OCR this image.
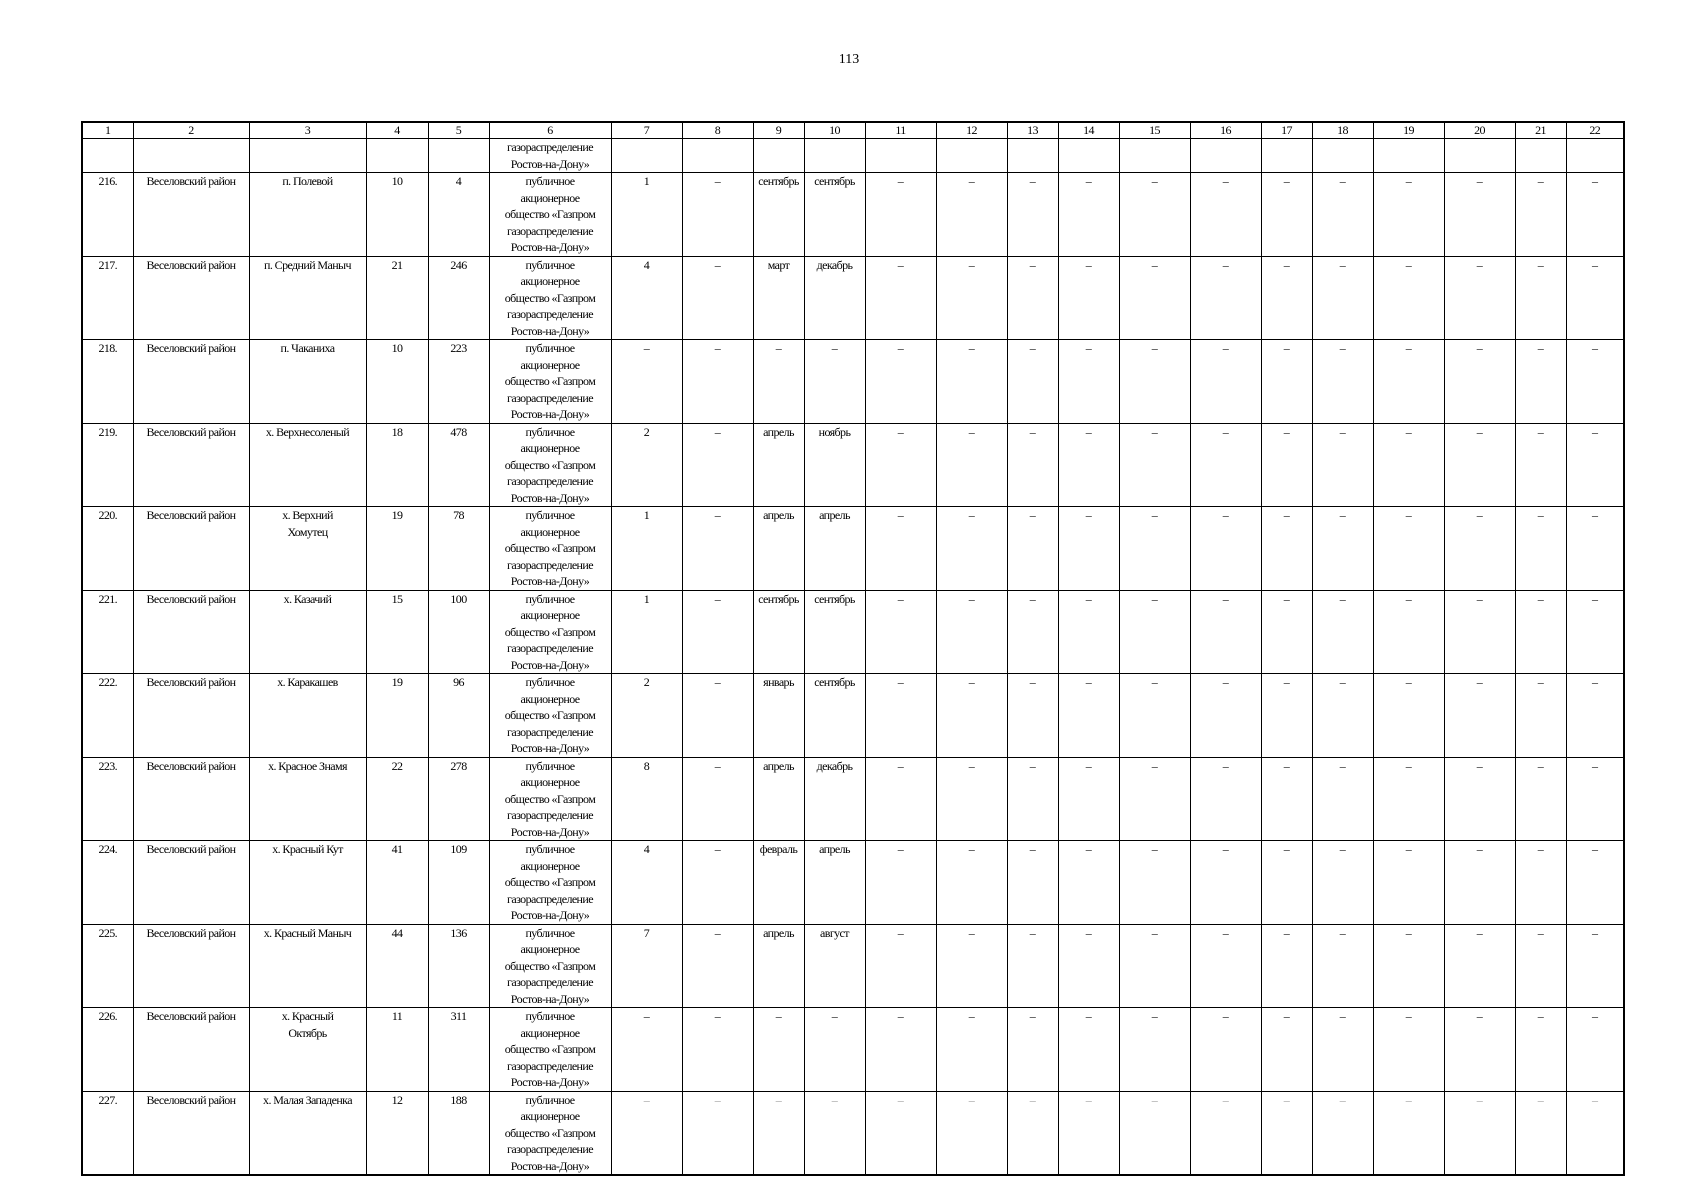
113
1	2	3	4	5	6	7	8	9	10	11	12	13	14	15	16	17	18	19	20	21	22
					газораспределение
Ростов-на-Дону»																
216.	Веселовский район	п. Полевой	10	4	публичное
акционерное
общество «Газпром
газораспределение
Ростов-на-Дону»	1	–	сентябрь	сентябрь	–	–	–	–	–	–	–	–	–	–	–	–
217.	Веселовский район	п. Средний Маныч	21	246	публичное
акционерное
общество «Газпром
газораспределение
Ростов-на-Дону»	4	–	март	декабрь	–	–	–	–	–	–	–	–	–	–	–	–
218.	Веселовский район	п. Чаканиха	10	223	публичное
акционерное
общество «Газпром
газораспределение
Ростов-на-Дону»	–	–	–	–	–	–	–	–	–	–	–	–	–	–	–	–
219.	Веселовский район	х. Верхнесоленый	18	478	публичное
акционерное
общество «Газпром
газораспределение
Ростов-на-Дону»	2	–	апрель	ноябрь	–	–	–	–	–	–	–	–	–	–	–	–
220.	Веселовский район	х. Верхний
Хомутец	19	78	публичное
акционерное
общество «Газпром
газораспределение
Ростов-на-Дону»	1	–	апрель	апрель	–	–	–	–	–	–	–	–	–	–	–	–
221.	Веселовский район	х. Казачий	15	100	публичное
акционерное
общество «Газпром
газораспределение
Ростов-на-Дону»	1	–	сентябрь	сентябрь	–	–	–	–	–	–	–	–	–	–	–	–
222.	Веселовский район	х. Каракашев	19	96	публичное
акционерное
общество «Газпром
газораспределение
Ростов-на-Дону»	2	–	январь	сентябрь	–	–	–	–	–	–	–	–	–	–	–	–
223.	Веселовский район	х. Красное Знамя	22	278	публичное
акционерное
общество «Газпром
газораспределение
Ростов-на-Дону»	8	–	апрель	декабрь	–	–	–	–	–	–	–	–	–	–	–	–
224.	Веселовский район	х. Красный Кут	41	109	публичное
акционерное
общество «Газпром
газораспределение
Ростов-на-Дону»	4	–	февраль	апрель	–	–	–	–	–	–	–	–	–	–	–	–
225.	Веселовский район	х. Красный Маныч	44	136	публичное
акционерное
общество «Газпром
газораспределение
Ростов-на-Дону»	7	–	апрель	август	–	–	–	–	–	–	–	–	–	–	–	–
226.	Веселовский район	х. Красный
Октябрь	11	311	публичное
акционерное
общество «Газпром
газораспределение
Ростов-на-Дону»	–	–	–	–	–	–	–	–	–	–	–	–	–	–	–	–
227.	Веселовский район	х. Малая Западенка	12	188	публичное
акционерное
общество «Газпром
газораспределение
Ростов-на-Дону»	–	–	–	–	–	–	–	–	–	–	–	–	–	–	–	–
